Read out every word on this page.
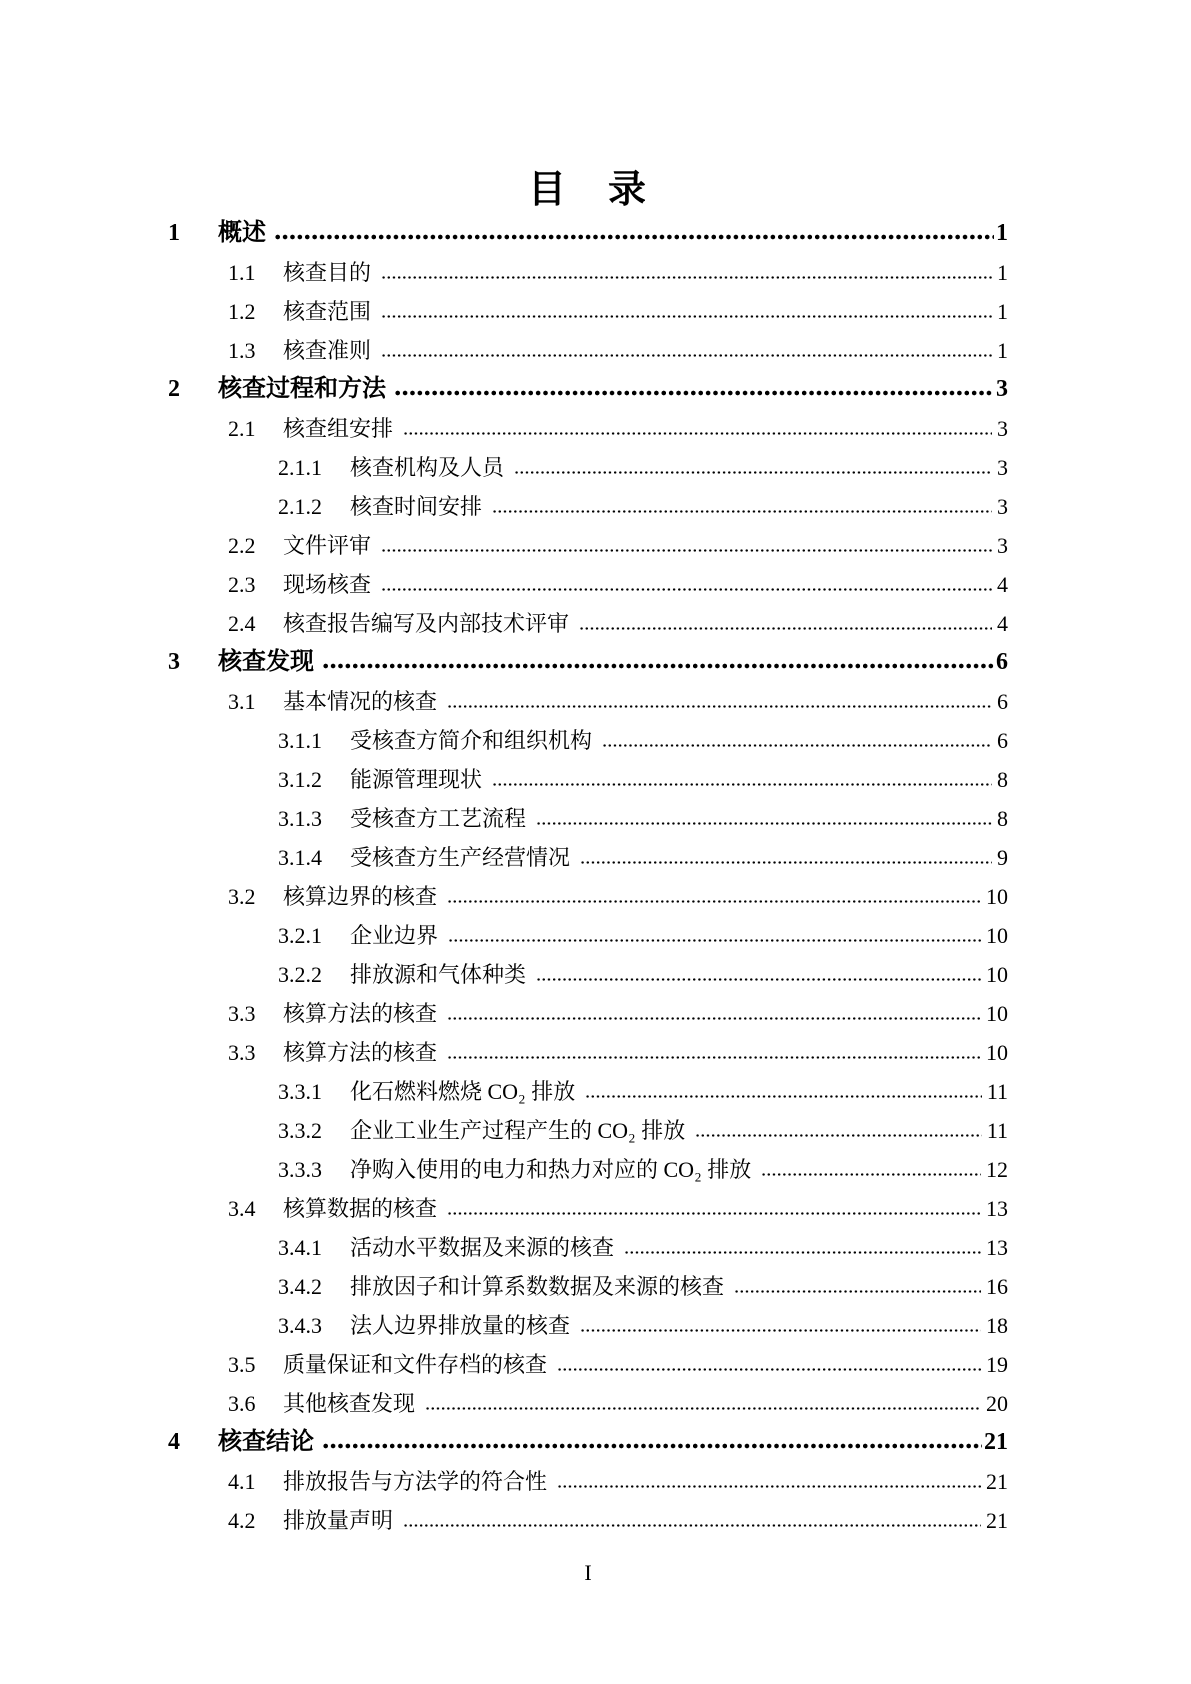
目　录
1	概述	1
1.1	核查目的	1
1.2	核查范围	1
1.3	核查准则	1
2	核查过程和方法	3
2.1	核查组安排	3
2.1.1	核查机构及人员	3
2.1.2	核查时间安排	3
2.2	文件评审	3
2.3	现场核查	4
2.4	核查报告编写及内部技术评审	4
3	核查发现	6
3.1	基本情况的核查	6
3.1.1	受核查方简介和组织机构	6
3.1.2	能源管理现状	8
3.1.3	受核查方工艺流程	8
3.1.4	受核查方生产经营情况	9
3.2	核算边界的核查	10
3.2.1	企业边界	10
3.2.2	排放源和气体种类	10
3.3	核算方法的核查	10
3.3	核算方法的核查	10
3.3.1	化石燃料燃烧 CO₂ 排放	11
3.3.2	企业工业生产过程产生的 CO₂ 排放	11
3.3.3	净购入使用的电力和热力对应的 CO₂ 排放	12
3.4	核算数据的核查	13
3.4.1	活动水平数据及来源的核查	13
3.4.2	排放因子和计算系数数据及来源的核查	16
3.4.3	法人边界排放量的核查	18
3.5	质量保证和文件存档的核查	19
3.6	其他核查发现	20
4	核查结论	21
4.1	排放报告与方法学的符合性	21
4.2	排放量声明	21
I
